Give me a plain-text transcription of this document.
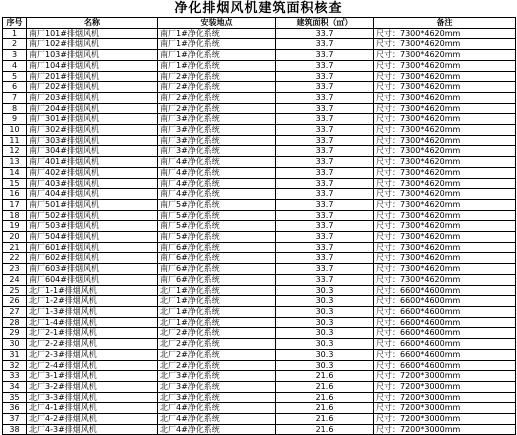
净化排烟风机建筑面积核查
序号	名称	安装地点	建筑面积（㎡）	备注
1	南厂101#排烟风机	南厂1#净化系统	33.7	尺寸：7300*4620mm
2	南厂102#排烟风机	南厂1#净化系统	33.7	尺寸：7300*4620mm
3	南厂103#排烟风机	南厂1#净化系统	33.7	尺寸：7300*4620mm
4	南厂104#排烟风机	南厂1#净化系统	33.7	尺寸：7300*4620mm
5	南厂201#排烟风机	南厂2#净化系统	33.7	尺寸：7300*4620mm
6	南厂202#排烟风机	南厂2#净化系统	33.7	尺寸：7300*4620mm
7	南厂203#排烟风机	南厂2#净化系统	33.7	尺寸：7300*4620mm
8	南厂204#排烟风机	南厂2#净化系统	33.7	尺寸：7300*4620mm
9	南厂301#排烟风机	南厂3#净化系统	33.7	尺寸：7300*4620mm
10	南厂302#排烟风机	南厂3#净化系统	33.7	尺寸：7300*4620mm
11	南厂303#排烟风机	南厂3#净化系统	33.7	尺寸：7300*4620mm
12	南厂304#排烟风机	南厂3#净化系统	33.7	尺寸：7300*4620mm
13	南厂401#排烟风机	南厂4#净化系统	33.7	尺寸：7300*4620mm
14	南厂402#排烟风机	南厂4#净化系统	33.7	尺寸：7300*4620mm
15	南厂403#排烟风机	南厂4#净化系统	33.7	尺寸：7300*4620mm
16	南厂404#排烟风机	南厂4#净化系统	33.7	尺寸：7300*4620mm
17	南厂501#排烟风机	南厂5#净化系统	33.7	尺寸：7300*4620mm
18	南厂502#排烟风机	南厂5#净化系统	33.7	尺寸：7300*4620mm
19	南厂503#排烟风机	南厂5#净化系统	33.7	尺寸：7300*4620mm
20	南厂504#排烟风机	南厂5#净化系统	33.7	尺寸：7300*4620mm
21	南厂601#排烟风机	南厂6#净化系统	33.7	尺寸：7300*4620mm
22	南厂602#排烟风机	南厂6#净化系统	33.7	尺寸：7300*4620mm
23	南厂603#排烟风机	南厂6#净化系统	33.7	尺寸：7300*4620mm
24	南厂604#排烟风机	南厂6#净化系统	33.7	尺寸：7300*4620mm
25	北厂1-1#排烟风机	北厂1#净化系统	30.3	尺寸：6600*4600mm
26	北厂1-2#排烟风机	北厂1#净化系统	30.3	尺寸：6600*4600mm
27	北厂1-3#排烟风机	北厂1#净化系统	30.3	尺寸：6600*4600mm
28	北厂1-4#排烟风机	北厂1#净化系统	30.3	尺寸：6600*4600mm
29	北厂2-1#排烟风机	北厂2#净化系统	30.3	尺寸：6600*4600mm
30	北厂2-2#排烟风机	北厂2#净化系统	30.3	尺寸：6600*4600mm
31	北厂2-3#排烟风机	北厂2#净化系统	30.3	尺寸：6600*4600mm
32	北厂2-4#排烟风机	北厂2#净化系统	30.3	尺寸：6600*4600mm
33	北厂3-1#排烟风机	北厂3#净化系统	21.6	尺寸：7200*3000mm
34	北厂3-2#排烟风机	北厂3#净化系统	21.6	尺寸：7200*3000mm
35	北厂3-3#排烟风机	北厂3#净化系统	21.6	尺寸：7200*3000mm
36	北厂4-1#排烟风机	北厂4#净化系统	21.6	尺寸：7200*3000mm
37	北厂4-2#排烟风机	北厂4#净化系统	21.6	尺寸：7200*3000mm
38	北厂4-3#排烟风机	北厂4#净化系统	21.6	尺寸：7200*3000mm
